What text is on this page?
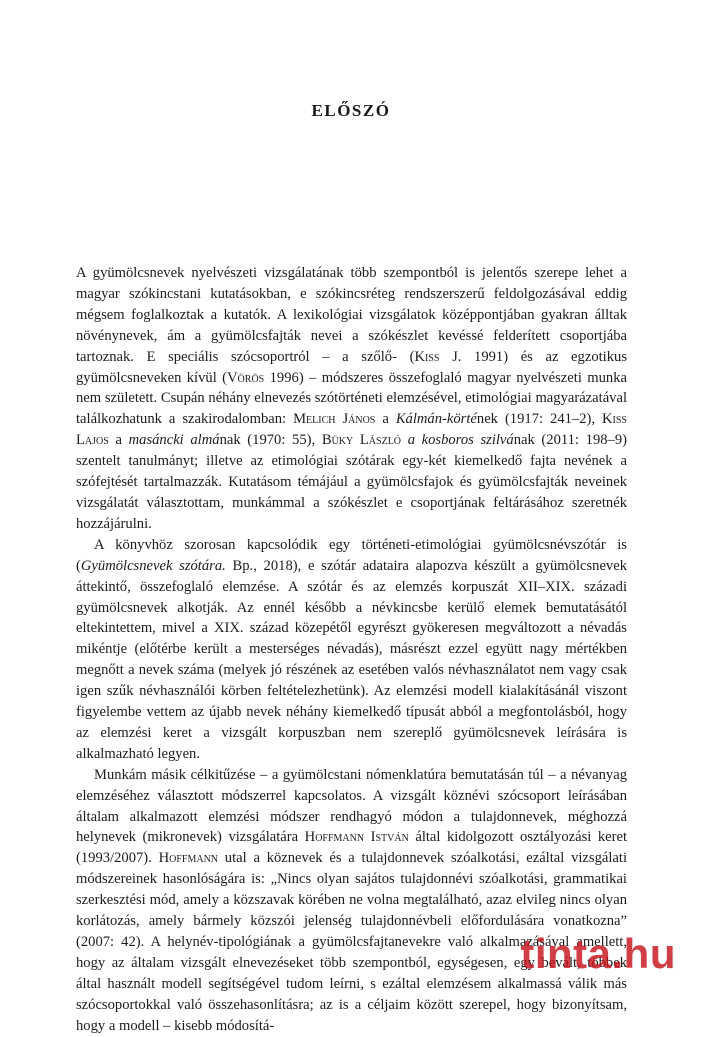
ELŐSZÓ

A gyümölcsnevek nyelvészeti vizsgálatának több szempontból is jelentős szerepe lehet a magyar szókincstani kutatásokban, e szókincsréteg rendszerszerű feldolgozásával eddig mégsem foglalkoztak a kutatók. A lexikológiai vizsgálatok középpontjában gyakran álltak növénynevek, ám a gyümölcsfajták nevei a szókészlet kevéssé felderített csoportjába tartoznak. E speciális szócsoportról – a szőlő- (Kiss J. 1991) és az egzotikus gyümölcsneveken kívül (Vörös 1996) – módszeres összefoglaló magyar nyelvészeti munka nem született. Csupán néhány elnevezés szótörténeti elemzésével, etimológiai magyarázatával találkozhatunk a szakirodalomban: Melich János a Kálmán-körtének (1917: 241–2), Kiss Lajos a masáncki almának (1970: 55), Büky László a kosboros szilvának (2011: 198–9) szentelt tanulmányt; illetve az etimológiai szótárak egy-két kiemelkedő fajta nevének a szófejtését tartalmazzák. Kutatásom témájául a gyümölcsfajok és gyümölcsfajták neveinek vizsgálatát választottam, munkámmal a szókészlet e csoportjának feltárásához szeretnék hozzájárulni.

A könyvhöz szorosan kapcsolódik egy történeti-etimológiai gyümölcsnévszótár is (Gyümölcsnevek szótára. Bp., 2018), e szótár adataira alapozva készült a gyümölcsnevek áttekintő, összefoglaló elemzése. A szótár és az elemzés korpuszát XII–XIX. századi gyümölcsnevek alkotják. Az ennél később a névkincsbe kerülő elemek bemutatásától eltekintettem, mivel a XIX. század közepétől egyrészt gyökeresen megváltozott a névadás mikéntje (előtérbe került a mesterséges névadás), másrészt ezzel együtt nagy mértékben megnőtt a nevek száma (melyek jó részének az esetében valós névhasználatot nem vagy csak igen szűk névhasználói körben feltételezhetünk). Az elemzési modell kialakításánál viszont figyelembe vettem az újabb nevek néhány kiemelkedő típusát abból a megfontolásból, hogy az elemzési keret a vizsgált korpuszban nem szereplő gyümölcsnevek leírására is alkalmazható legyen.

Munkám másik célkitűzése – a gyümölcstani nómenklatúra bemutatásán túl – a névanyag elemzéséhez választott módszerrel kapcsolatos. A vizsgált köznévi szócsoport leírásában általam alkalmazott elemzési módszer rendhagyó módon a tulajdonnevek, méghozzá helynevek (mikronevek) vizsgálatára Hoffmann István által kidolgozott osztályozási keret (1993/2007). Hoffmann utal a köznevek és a tulajdonnevek szóalkotási, ezáltal vizsgálati módszereinek hasonlóságára is: „Nincs olyan sajátos tulajdonnévi szóalkotási, grammatikai szerkesztési mód, amely a közszavak körében ne volna megtalálható, azaz elvileg nincs olyan korlátozás, amely bármely közszói jelenség tulajdonnévbeli előfordulására vonatkozna” (2007: 42). A helynév-tipológiának a gyümölcsfajtanevekre való alkalmazásával amellett, hogy az általam vizsgált elnevezéseket több szempontból, egységesen, egy bevált, többek által használt modell segítségével tudom leírni, s ezáltal elemzésem alkalmassá válik más szócsoportokkal való összehasonlításra; az is a céljaim között szerepel, hogy bizonyítsam, hogy a modell – kisebb módosítá-

tinta.hu
